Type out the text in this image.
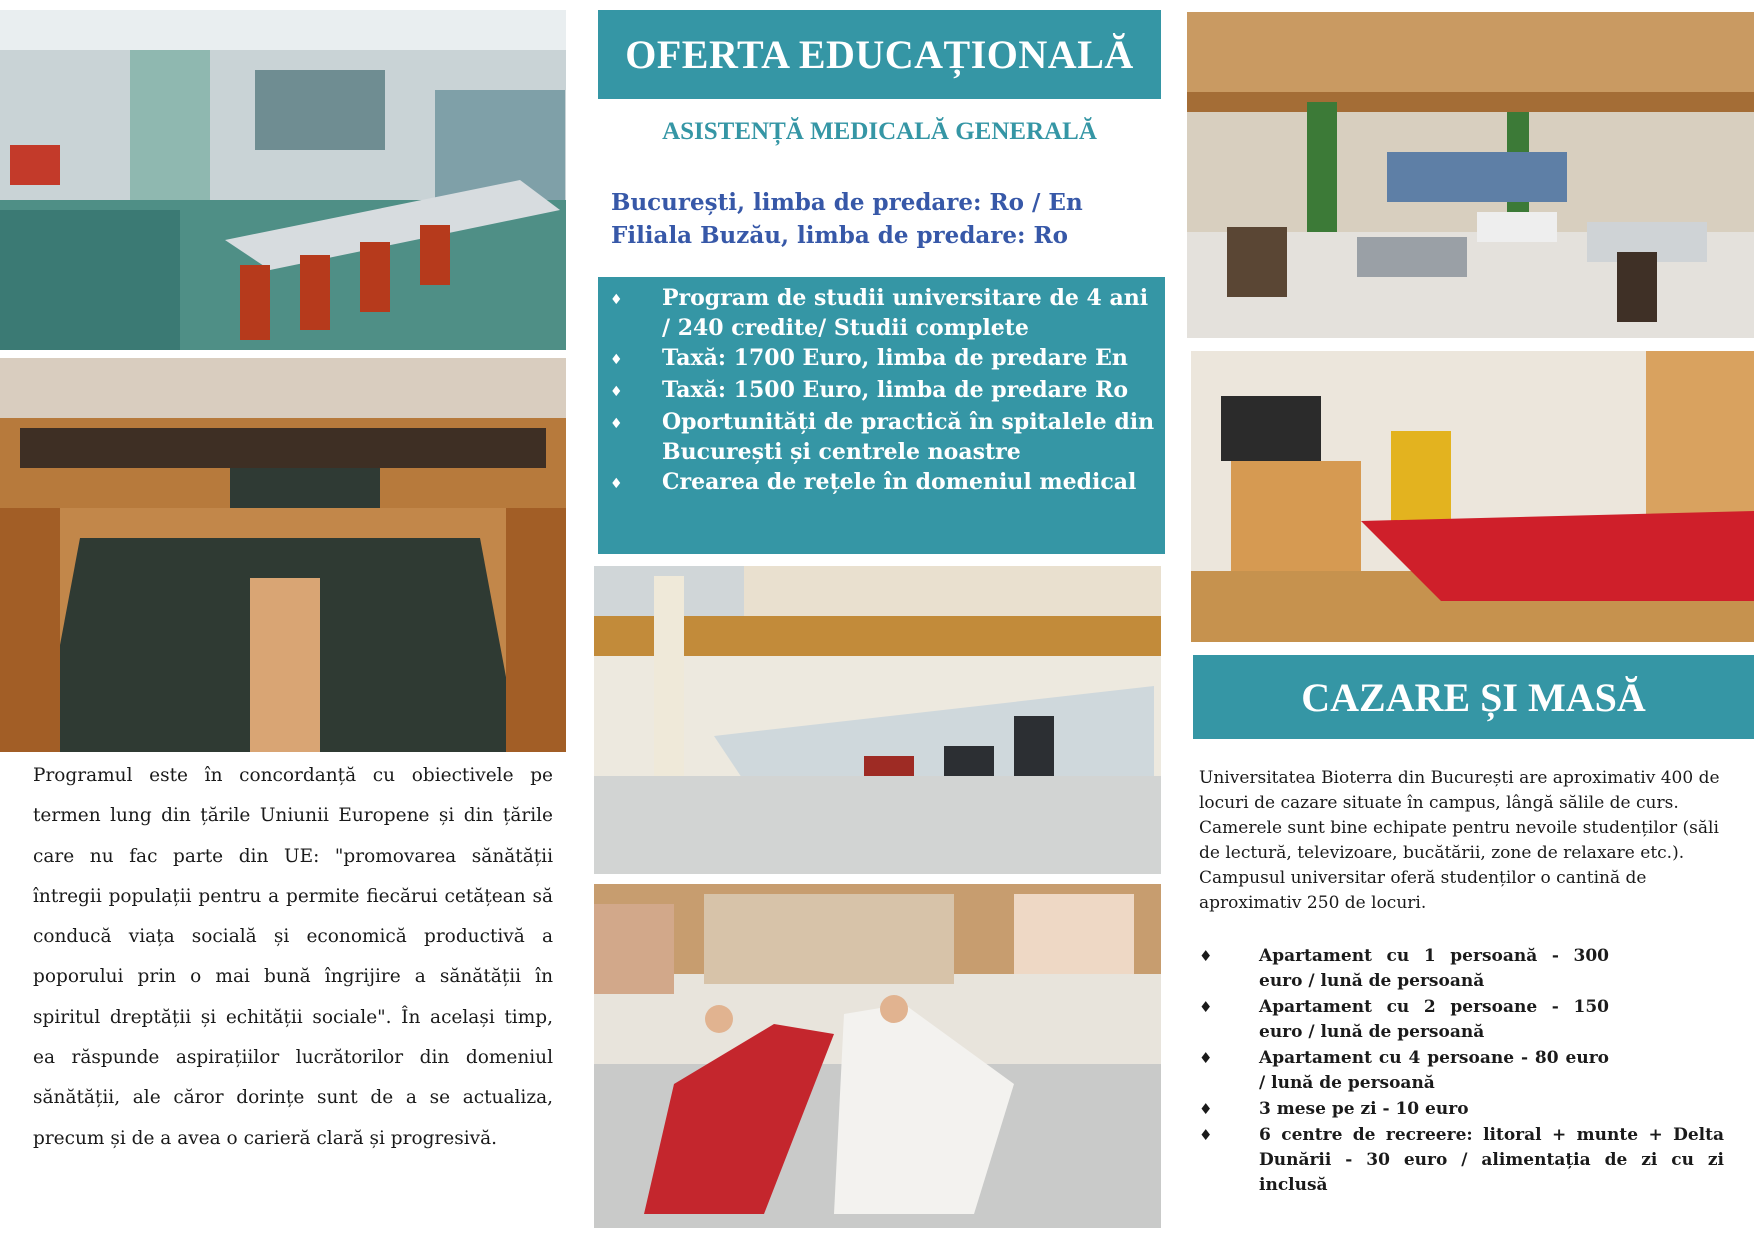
OFERTA EDUCAȚIONALĂ
ASISTENȚĂ MEDICALĂ GENERALĂ
București, limba de predare: Ro / En
Filiala Buzău, limba de predare: Ro
♦	Program de studii universitare de 4 ani / 240 credite/ Studii complete
♦	Taxă: 1700 Euro, limba de predare En
♦	Taxă: 1500 Euro, limba de predare Ro
♦	Oportunități de practică în spitalele din București și centrele noastre
♦	Crearea de rețele în domeniul medical

Programul este în concordanță cu obiectivele pe termen lung din țările Uniunii Europene și din țările care nu fac parte din UE: "promovarea sănătății întregii populații pentru a permite fiecărui cetățean să conducă viața socială și economică productivă a poporului prin o mai bună îngrijire a sănătății în spiritul dreptății și echității sociale". În același timp, ea răspunde aspirațiilor lucrătorilor din domeniul sănătății, ale căror dorințe sunt de a se actualiza, precum și de a avea o carieră clară și progresivă.

CAZARE ȘI MASĂ
Universitatea Bioterra din București are aproximativ 400 de locuri de cazare situate în campus, lângă sălile de curs. Camerele sunt bine echipate pentru nevoile studenților (săli de lectură, televizoare, bucătării, zone de relaxare etc.).
Campusul universitar oferă studenților o cantină de aproximativ 250 de locuri.
♦	Apartament cu 1 persoană - 300 euro / lună de persoană
♦	Apartament cu 2 persoane - 150 euro / lună de persoană
♦	Apartament cu 4 persoane - 80 euro / lună de persoană
♦	3 mese pe zi - 10 euro
♦	6 centre de recreere: litoral + munte + Delta Dunării - 30 euro / alimentația de zi cu zi inclusă
